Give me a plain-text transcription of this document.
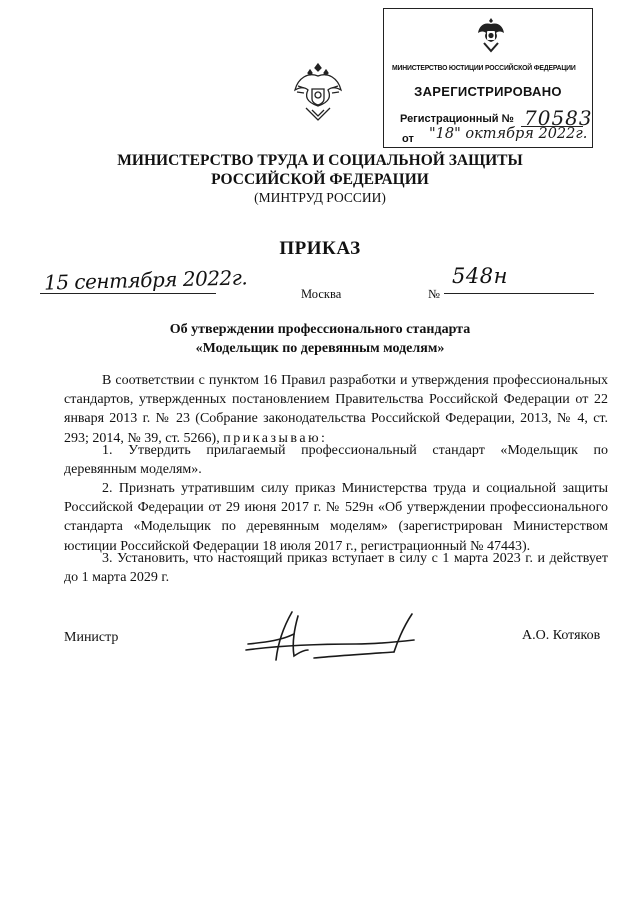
МИНИСТЕРСТВО ЮСТИЦИИ РОССИЙСКОЙ ФЕДЕРАЦИИ
ЗАРЕГИСТРИРОВАНО
Регистрационный № 70583
от "18" октября 2022г.
МИНИСТЕРСТВО ТРУДА И СОЦИАЛЬНОЙ ЗАЩИТЫ
РОССИЙСКОЙ ФЕДЕРАЦИИ
(МИНТРУД РОССИИ)
ПРИКАЗ
15 сентября 2022г.	Москва	№
548н
Об утверждении профессионального стандарта
«Модельщик по деревянным моделям»
В соответствии с пунктом 16 Правил разработки и утверждения профессиональных стандартов, утвержденных постановлением Правительства Российской Федерации от 22 января 2013 г. № 23 (Собрание законодательства Российской Федерации, 2013, № 4, ст. 293; 2014, № 39, ст. 5266), приказываю:
1. Утвердить прилагаемый профессиональный стандарт «Модельщик по деревянным моделям».
2. Признать утратившим силу приказ Министерства труда и социальной защиты Российской Федерации от 29 июня 2017 г. № 529н «Об утверждении профессионального стандарта «Модельщик по деревянным моделям» (зарегистрирован Министерством юстиции Российской Федерации 18 июля 2017 г., регистрационный № 47443).
3. Установить, что настоящий приказ вступает в силу с 1 марта 2023 г. и действует до 1 марта 2029 г.
Министр	А.О. Котяков
